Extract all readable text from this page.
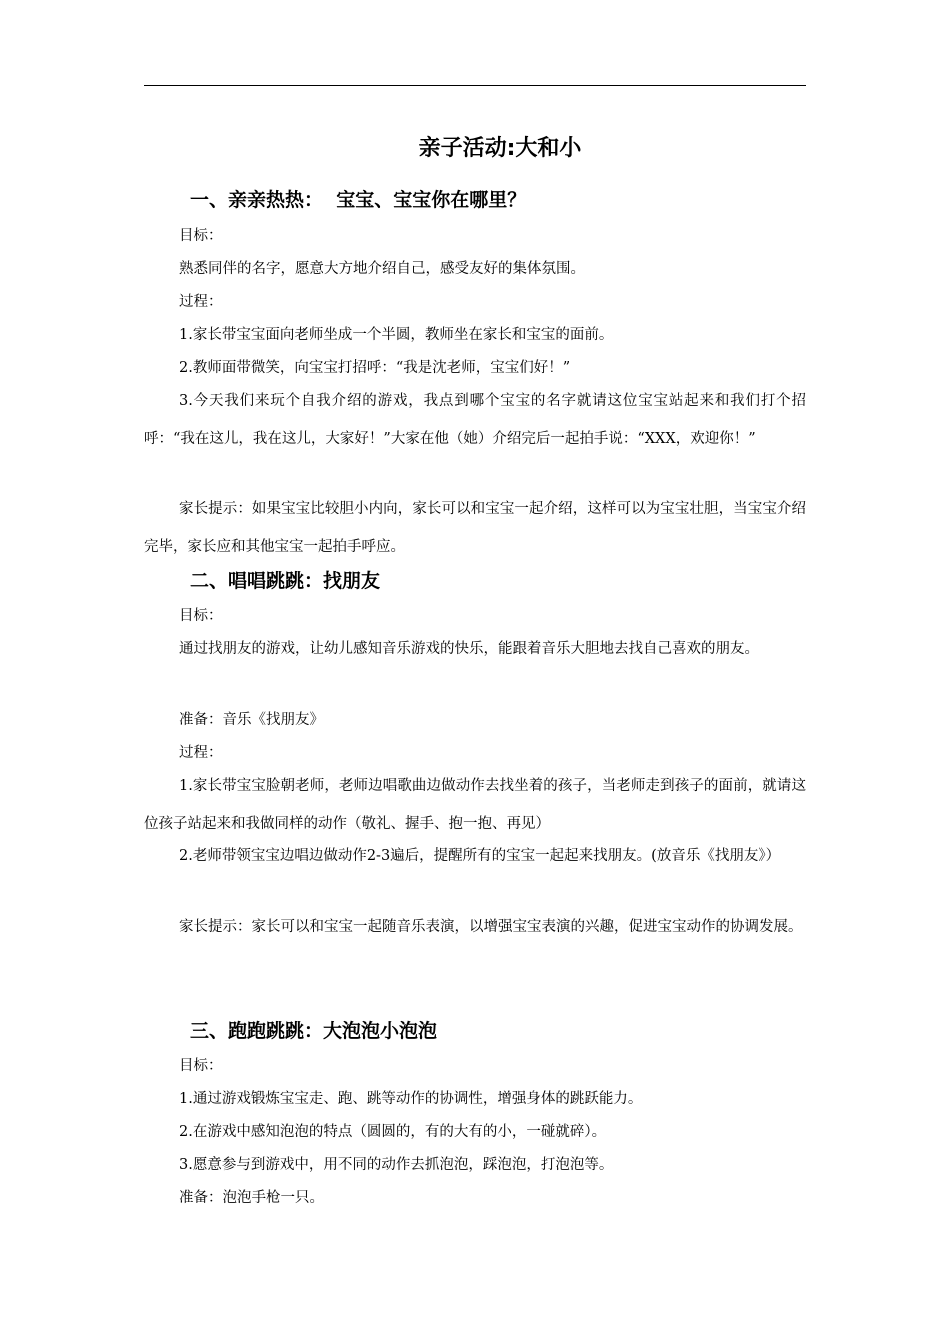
亲子活动:大和小
一、亲亲热热：  宝宝、宝宝你在哪里？
目标：
熟悉同伴的名字，愿意大方地介绍自己，感受友好的集体氛围。
过程：
1.家长带宝宝面向老师坐成一个半圆，教师坐在家长和宝宝的面前。
2.教师面带微笑，向宝宝打招呼：“我是沈老师，宝宝们好！”
3.今天我们来玩个自我介绍的游戏，我点到哪个宝宝的名字就请这位宝宝站起来和我们打个招呼：“我在这儿，我在这儿，大家好！”大家在他（她）介绍完后一起拍手说：“XXX，欢迎你！”
家长提示：如果宝宝比较胆小内向，家长可以和宝宝一起介绍，这样可以为宝宝壮胆，当宝宝介绍完毕，家长应和其他宝宝一起拍手呼应。
二、唱唱跳跳：找朋友
目标：
通过找朋友的游戏，让幼儿感知音乐游戏的快乐，能跟着音乐大胆地去找自己喜欢的朋友。
准备：音乐《找朋友》
过程：
1.家长带宝宝脸朝老师，老师边唱歌曲边做动作去找坐着的孩子，当老师走到孩子的面前，就请这位孩子站起来和我做同样的动作（敬礼、握手、抱一抱、再见）
2.老师带领宝宝边唱边做动作2-3遍后，提醒所有的宝宝一起起来找朋友。(放音乐《找朋友》）
家长提示：家长可以和宝宝一起随音乐表演，以增强宝宝表演的兴趣，促进宝宝动作的协调发展。
三、跑跑跳跳：大泡泡小泡泡
目标：
1.通过游戏锻炼宝宝走、跑、跳等动作的协调性，增强身体的跳跃能力。
2.在游戏中感知泡泡的特点（圆圆的，有的大有的小，一碰就碎）。
3.愿意参与到游戏中，用不同的动作去抓泡泡，踩泡泡，打泡泡等。
准备：泡泡手枪一只。
